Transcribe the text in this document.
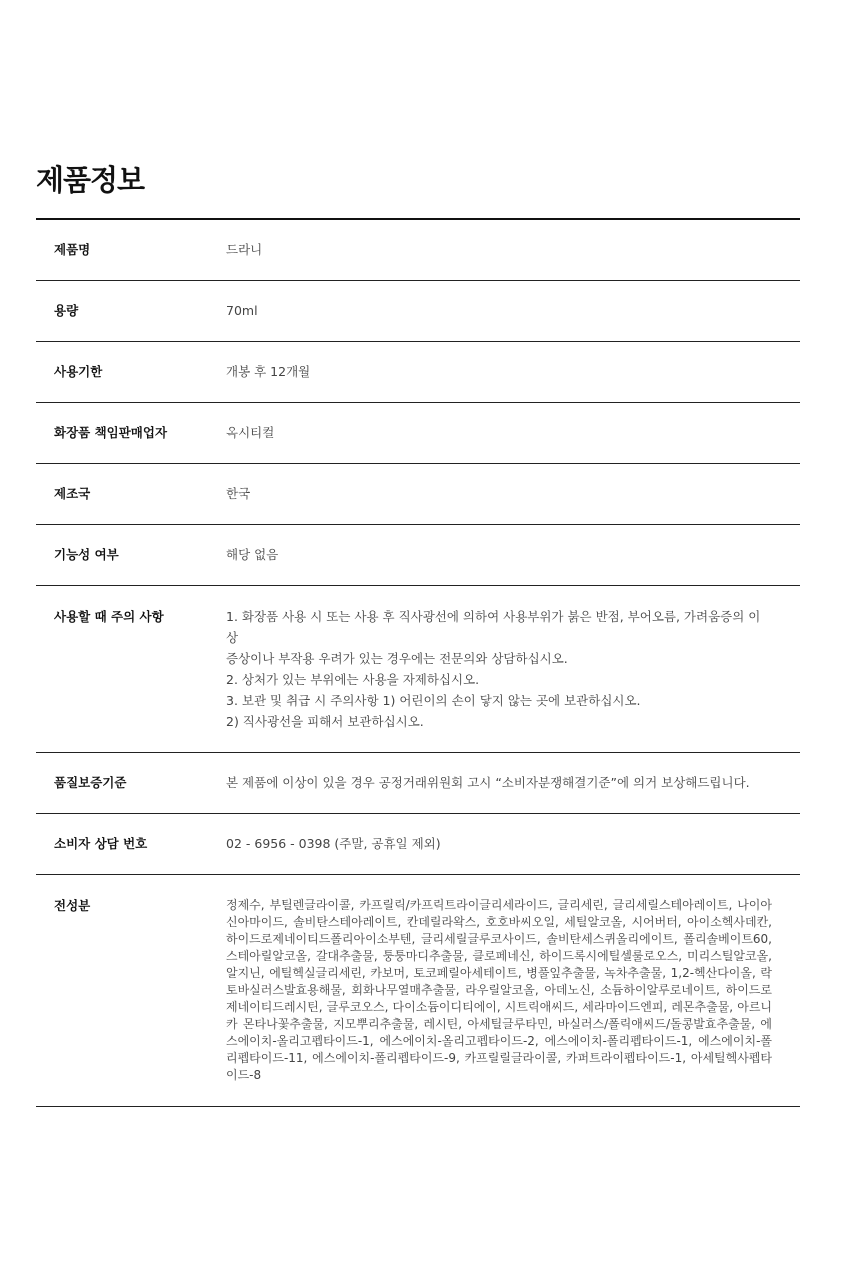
제품정보
제품명	드라니
용량	70ml
사용기한	개봉 후 12개월
화장품 책임판매업자	옥시티컬
제조국	한국
기능성 여부	해당 없음
사용할 때 주의 사항	1. 화장품 사용 시 또는 사용 후 직사광선에 의하여 사용부위가 붉은 반점, 부어오름, 가려움증의 이상
증상이나 부작용 우려가 있는 경우에는 전문의와 상담하십시오.
2. 상처가 있는 부위에는 사용을 자제하십시오.
3. 보관 및 취급 시 주의사항 1) 어린이의 손이 닿지 않는 곳에 보관하십시오.
2) 직사광선을 피해서 보관하십시오.
품질보증기준	본 제품에 이상이 있을 경우 공정거래위원회 고시 “소비자분쟁해결기준”에 의거 보상해드립니다.
소비자 상담 번호	02 - 6956 - 0398 (주말, 공휴일 제외)
전성분	정제수, 부틸렌글라이콜, 카프릴릭/카프릭트라이글리세라이드, 글리세린, 글리세릴스테아레이트, 나이아신아마이드, 솔비탄스테아레이트, 칸데릴라왁스, 호호바씨오일, 세틸알코올, 시어버터, 아이소헥사데칸, 하이드로제네이티드폴리아이소부텐, 글리세릴글루코사이드, 솔비탄세스퀴올리에이트, 폴리솔베이트60, 스테아릴알코올, 갈대추출물, 퉁퉁마디추출물, 클로페네신, 하이드록시에틸셀룰로오스, 미리스틸알코올, 알지닌, 에틸헥실글리세린, 카보머, 토코페릴아세테이트, 병풀잎추출물, 녹차추출물, 1,2-헥산다이올, 락토바실러스발효용해물, 회화나무열매추출물, 라우릴알코올, 아데노신, 소듐하이알루로네이트, 하이드로제네이티드레시틴, 글루코오스, 다이소듐이디티에이, 시트릭애씨드, 세라마이드엔피, 레몬추출물, 아르니카 몬타나꽃추출물, 지모뿌리추출물, 레시틴, 아세틸글루타민, 바실러스/폴릭애씨드/돌콩발효추출물, 에스에이치-올리고펩타이드-1, 에스에이치-올리고펩타이드-2, 에스에이치-폴리펩타이드-1, 에스에이치-폴리펩타이드-11, 에스에이치-폴리펩타이드-9, 카프릴릴글라이콜, 카퍼트라이펩타이드-1, 아세틸헥사펩타이드-8
